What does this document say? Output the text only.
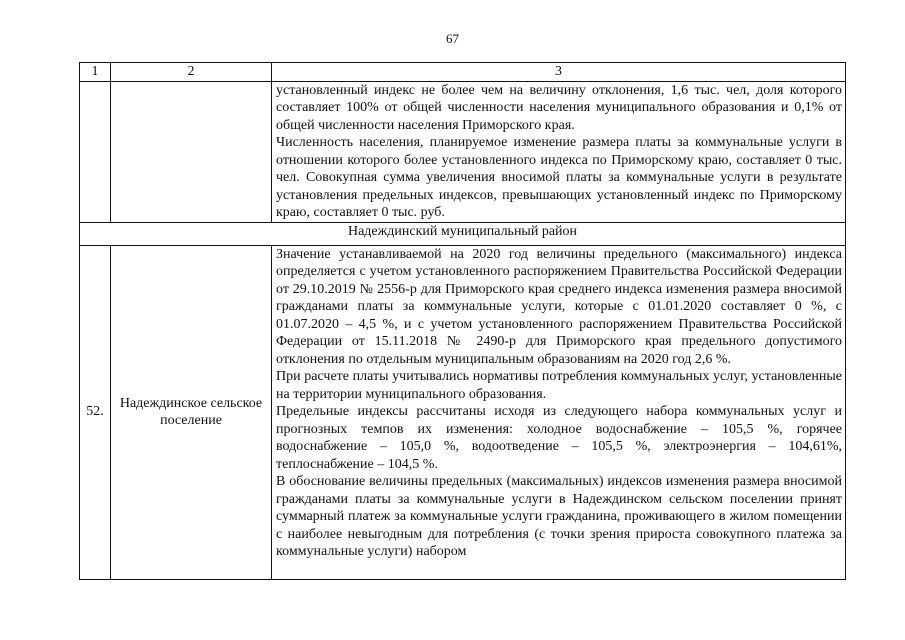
67
1	2	3

		установленный индекс не более чем на величину отклонения, 1,6 тыс. чел, доля которого составляет 100% от общей численности населения муниципального образования и 0,1% от общей численности населения Приморского края.

Численность населения, планируемое изменение размера платы за коммунальные услуги в отношении которого более установленного индекса по Приморскому краю, составляет 0 тыс. чел. Совокупная сумма увеличения вносимой платы за коммунальные услуги в результате установления предельных индексов, превышающих установленный индекс по Приморскому краю, составляет 0 тыс. руб.

Надеждинский муниципальный район		
52.	Надеждинское сельское поселение	Значение устанавливаемой на 2020 год величины предельного (максимального) индекса определяется с учетом установленного распоряжением Правительства Российской Федерации от 29.10.2019 № 2556-р для Приморского края среднего индекса изменения размера вносимой гражданами платы за коммунальные услуги, которые с 01.01.2020 составляет 0 %, с 01.07.2020 – 4,5 %, и с учетом установленного распоряжением Правительства Российской Федерации от 15.11.2018 № 2490-р для Приморского края предельного допустимого отклонения по отдельным муниципальным образованиям на 2020 год 2,6 %.

При расчете платы учитывались нормативы потребления коммунальных услуг, установленные на территории муниципального образования.

Предельные индексы рассчитаны исходя из следующего набора коммунальных услуг и прогнозных темпов их изменения: холодное водоснабжение – 105,5 %, горячее водоснабжение – 105,0 %, водоотведение – 105,5 %, электроэнергия – 104,61%, теплоснабжение – 104,5 %.

В обоснование величины предельных (максимальных) индексов изменения размера вносимой гражданами платы за коммунальные услуги в Надеждинском сельском поселении принят суммарный платеж за коммунальные услуги гражданина, проживающего в жилом помещении с наиболее невыгодным для потребления (с точки зрения прироста совокупного платежа за коммунальные услуги) набором
